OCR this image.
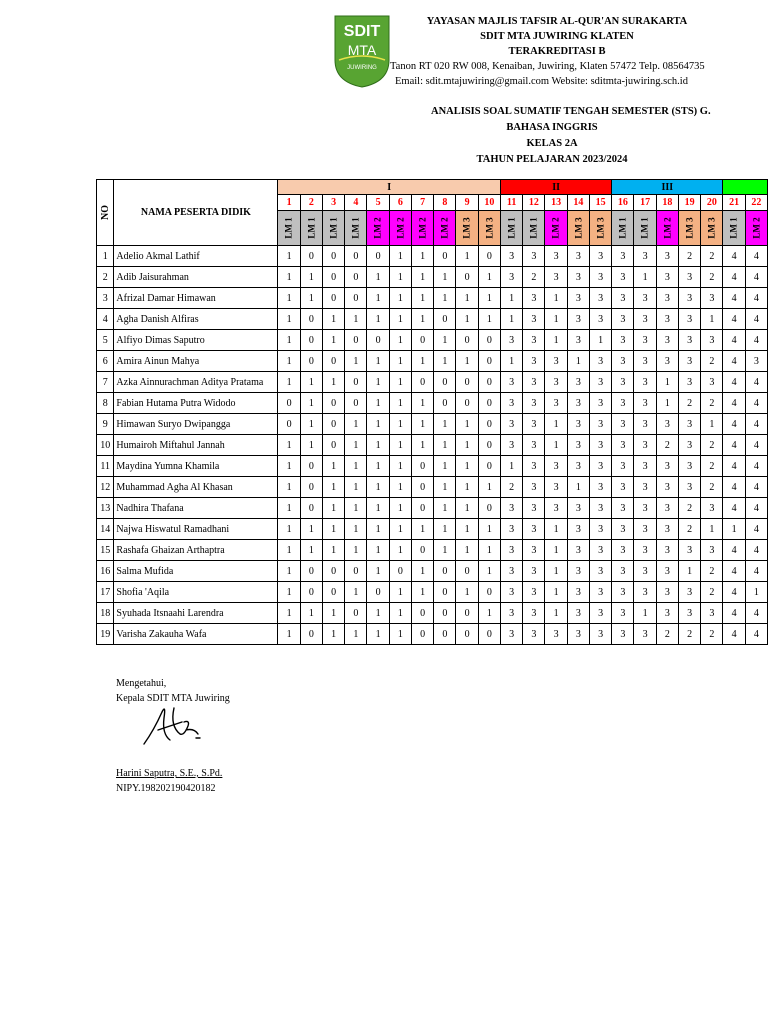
SDIT
MTA
JUWIRING
YAYASAN MAJLIS TAFSIR AL-QUR'AN SURAKARTA
SDIT MTA JUWIRING KLATEN
TERAKREDITASI B
Tanon RT 020 RW 008, Kenaiban, Juwiring, Klaten 57472 Telp. 08564735
Email: sdit.mtajuwiring@gmail.com Website: sditmta-juwiring.sch.id
ANALISIS SOAL SUMATIF TENGAH SEMESTER (STS) G.
BAHASA INGGRIS
KELAS 2A
TAHUN PELAJARAN 2023/2024
NO	NAMA PESERTA DIDIK	I										II					III						
		1	2	3	4	5	6	7	8	9	10	11	12	13	14	15	16	17	18	19	20	21	22
		LM 1	LM 1	LM 1	LM 1	LM 2	LM 2	LM 2	LM 2	LM 3	LM 3	LM 1	LM 1	LM 2	LM 3	LM 3	LM 1	LM 1	LM 2	LM 3	LM 3	LM 1	LM 2
1	Adelio Akmal Lathif	1	0	0	0	0	1	1	0	1	0	3	3	3	3	3	3	3	3	2	2	4	4
2	Adib Jaisurahman	1	1	0	0	1	1	1	1	0	1	3	2	3	3	3	3	1	3	3	2	4	4
3	Afrizal Damar Himawan	1	1	0	0	1	1	1	1	1	1	1	3	1	3	3	3	3	3	3	3	4	4
4	Agha Danish Alfiras	1	0	1	1	1	1	1	0	1	1	1	3	1	3	3	3	3	3	3	1	4	4
5	Alfiyo Dimas Saputro	1	0	1	0	0	1	0	1	0	0	3	3	1	3	1	3	3	3	3	3	4	4
6	Amira Ainun Mahya	1	0	0	1	1	1	1	1	1	0	1	3	3	1	3	3	3	3	3	2	4	3
7	Azka Ainnurachman Aditya Pratama	1	1	1	0	1	1	0	0	0	0	3	3	3	3	3	3	3	1	3	3	4	4
8	Fabian Hutama Putra Widodo	0	1	0	0	1	1	1	0	0	0	3	3	3	3	3	3	3	1	2	2	4	4
9	Himawan Suryo Dwipangga	0	1	0	1	1	1	1	1	1	0	3	3	1	3	3	3	3	3	3	1	4	4
10	Humairoh Miftahul Jannah	1	1	0	1	1	1	1	1	1	0	3	3	1	3	3	3	3	2	3	2	4	4
11	Maydina Yumna Khamila	1	0	1	1	1	1	0	1	1	0	1	3	3	3	3	3	3	3	3	2	4	4
12	Muhammad Agha Al Khasan	1	0	1	1	1	1	0	1	1	1	2	3	3	1	3	3	3	3	3	2	4	4
13	Nadhira Thafana	1	0	1	1	1	1	0	1	1	0	3	3	3	3	3	3	3	3	2	3	4	4
14	Najwa Hiswatul Ramadhani	1	1	1	1	1	1	1	1	1	1	3	3	1	3	3	3	3	3	2	1	1	4
15	Rashafa Ghaizan Arthaptra	1	1	1	1	1	1	0	1	1	1	3	3	1	3	3	3	3	3	3	3	4	4
16	Salma Mufida	1	0	0	0	1	0	1	0	0	1	3	3	1	3	3	3	3	3	1	2	4	4
17	Shofia 'Aqila	1	0	0	1	0	1	1	0	1	0	3	3	1	3	3	3	3	3	3	2	4	1
18	Syuhada Itsnaahi Larendra	1	1	1	0	1	1	0	0	0	1	3	3	1	3	3	3	1	3	3	3	4	4
19	Varisha Zakauha Wafa	1	0	1	1	1	1	0	0	0	0	3	3	3	3	3	3	3	2	2	2	4	4
Mengetahui,
Kepala SDIT MTA Juwiring
Harini Saputra, S.E., S.Pd.
NIPY.198202190420182
